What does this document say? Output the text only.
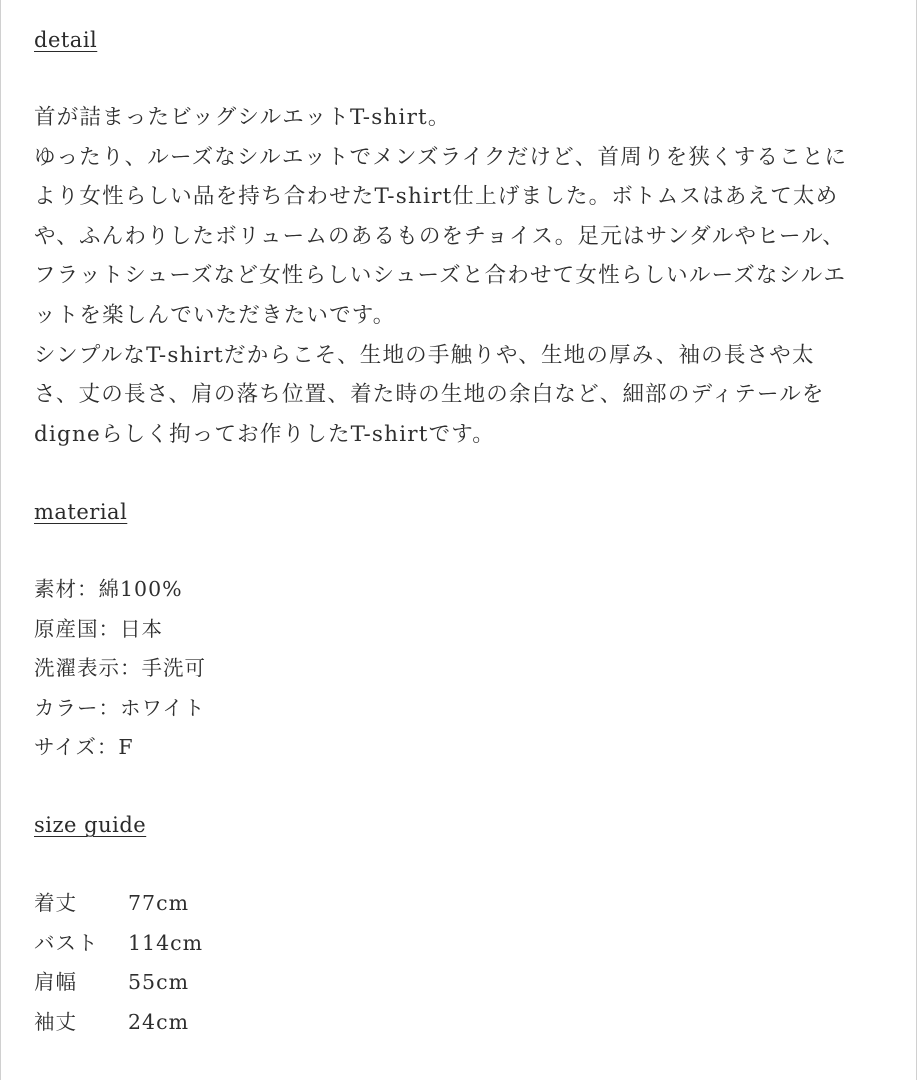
detail
首が詰まったビッグシルエットT-shirt。
ゆったり、ルーズなシルエットでメンズライクだけど、首周りを狭くすることに
より女性らしい品を持ち合わせたT-shirt仕上げました。ボトムスはあえて太め
や、ふんわりしたボリュームのあるものをチョイス。足元はサンダルやヒール、
フラットシューズなど女性らしいシューズと合わせて女性らしいルーズなシルエ
ットを楽しんでいただきたいです。
シンプルなT-shirtだからこそ、生地の手触りや、生地の厚み、袖の長さや太
さ、丈の長さ、肩の落ち位置、着た時の生地の余白など、細部のディテールを
digneらしく拘ってお作りしたT-shirtです。
material
素材：綿100%
原産国：日本
洗濯表示：手洗可
カラー：ホワイト
サイズ：F
size guide
着丈	77cm
バスト	114cm
肩幅	55cm
袖丈	24cm
